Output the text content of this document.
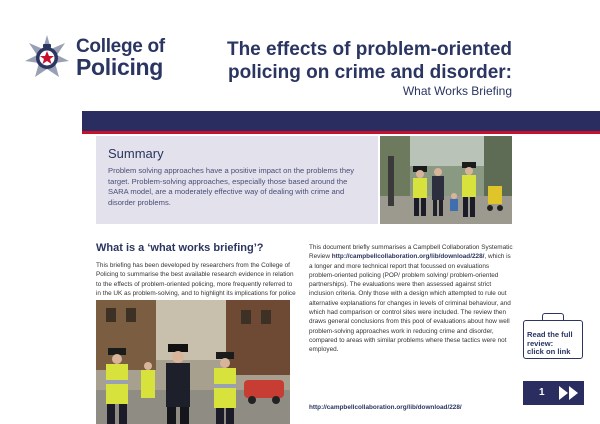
College of
Policing
The effects of problem-oriented
policing on crime and disorder:
What Works Briefing
Summary

Problem solving approaches have a positive impact on the problems they target. Problem-solving approaches, especially those based around the SARA model, are a moderately effective way of dealing with crime and disorder problems.

What is a ‘what works briefing’?

This briefing has been developed by researchers from the College of Policing to summarise the best available research evidence in relation to the effects of problem-oriented policing, more frequently referred to in the UK as problem-solving, and to highlight its implications for police

This document briefly summarises a Campbell Collaboration Systematic Review http://campbellcollaboration.org/lib/download/228/, which is a longer and more technical report that focussed on evaluations problem-oriented policing (POP/ problem solving/ problem-oriented partnerships). The evaluations were then assessed against strict inclusion criteria. Only those with a design which attempted to rule out alternative explanations for changes in levels of criminal behaviour, and which had comparison or control sites were included. The review then draws general conclusions from this pool of evaluations about how well problem-solving approaches work in reducing crime and disorder, compared to areas with similar problems where these tactics were not employed.

http://campbellcollaboration.org/lib/download/228/
Read the full
review:
click on link
1
